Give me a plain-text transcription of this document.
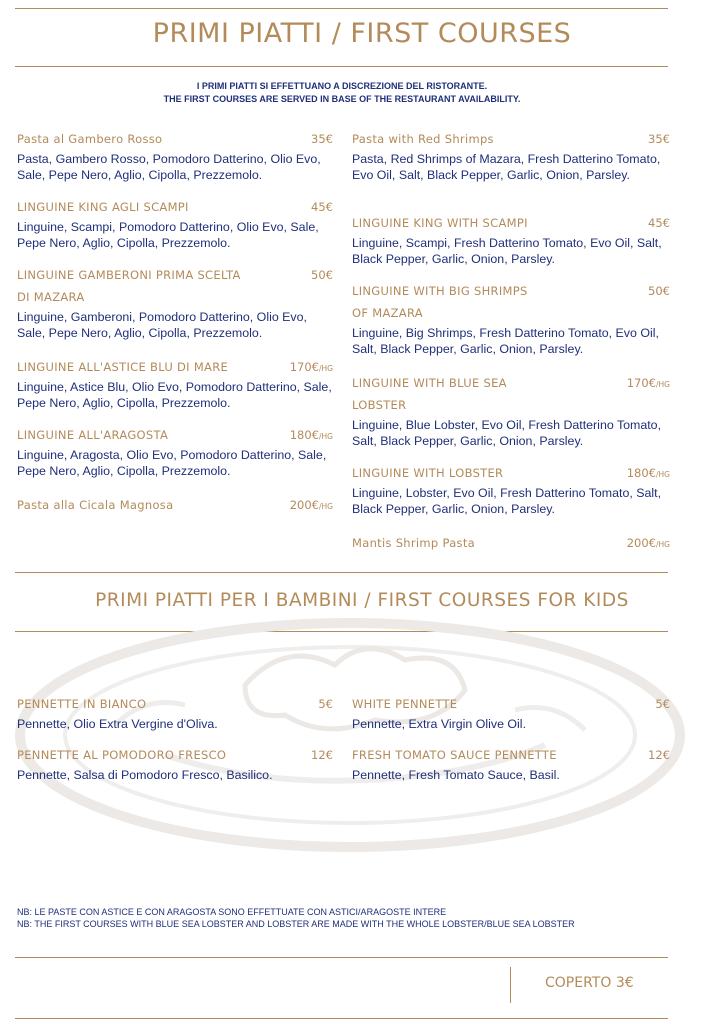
PRIMI PIATTI / FIRST COURSES
I PRIMI PIATTI SI EFFETTUANO A DISCREZIONE DEL RISTORANTE.
THE FIRST COURSES ARE SERVED IN BASE OF THE RESTAURANT AVAILABILITY.
Pasta al Gambero Rosso	35€
Pasta, Gambero Rosso, Pomodoro Datterino, Olio Evo, Sale, Pepe Nero, Aglio, Cipolla, Prezzemolo.
LINGUINE KING AGLI SCAMPI	45€
Linguine, Scampi, Pomodoro Datterino, Olio Evo, Sale, Pepe Nero, Aglio, Cipolla, Prezzemolo.
LINGUINE GAMBERONI PRIMA SCELTA	50€
DI MAZARA
Linguine, Gamberoni, Pomodoro Datterino, Olio Evo, Sale, Pepe Nero, Aglio, Cipolla, Prezzemolo.
LINGUINE ALL'ASTICE BLU DI MARE	170€/HG
Linguine, Astice Blu, Olio Evo, Pomodoro Datterino, Sale, Pepe Nero, Aglio, Cipolla, Prezzemolo.
LINGUINE ALL'ARAGOSTA	180€/HG
Linguine, Aragosta, Olio Evo, Pomodoro Datterino, Sale, Pepe Nero, Aglio, Cipolla, Prezzemolo.
Pasta alla Cicala Magnosa	200€/HG
Pasta with Red Shrimps	35€
Pasta, Red Shrimps of Mazara, Fresh Datterino Tomato, Evo Oil, Salt, Black Pepper, Garlic, Onion, Parsley.
LINGUINE KING WITH SCAMPI	45€
Linguine, Scampi, Fresh Datterino Tomato, Evo Oil, Salt, Black Pepper, Garlic, Onion, Parsley.
LINGUINE WITH BIG SHRIMPS	50€
OF MAZARA
Linguine, Big Shrimps, Fresh Datterino Tomato, Evo Oil, Salt, Black Pepper, Garlic, Onion, Parsley.
LINGUINE WITH BLUE SEA	170€/HG
LOBSTER
Linguine, Blue Lobster, Evo Oil, Fresh Datterino Tomato, Salt, Black Pepper, Garlic, Onion, Parsley.
LINGUINE WITH LOBSTER	180€/HG
Linguine, Lobster, Evo Oil, Fresh Datterino Tomato, Salt, Black Pepper, Garlic, Onion, Parsley.
Mantis Shrimp Pasta	200€/HG
PRIMI PIATTI PER I BAMBINI / FIRST COURSES FOR KIDS
PENNETTE IN BIANCO	5€
Pennette, Olio Extra Vergine d'Oliva.
PENNETTE AL POMODORO FRESCO	12€
Pennette, Salsa di Pomodoro Fresco, Basilico.
WHITE PENNETTE	5€
Pennette, Extra Virgin Olive Oil.
FRESH TOMATO SAUCE PENNETTE	12€
Pennette, Fresh Tomato Sauce, Basil.
NB: LE PASTE CON ASTICE E CON ARAGOSTA SONO EFFETTUATE CON ASTICI/ARAGOSTE INTERE
NB: THE FIRST COURSES WITH BLUE SEA LOBSTER AND LOBSTER ARE MADE WITH THE WHOLE LOBSTER/BLUE SEA LOBSTER
COPERTO 3€
